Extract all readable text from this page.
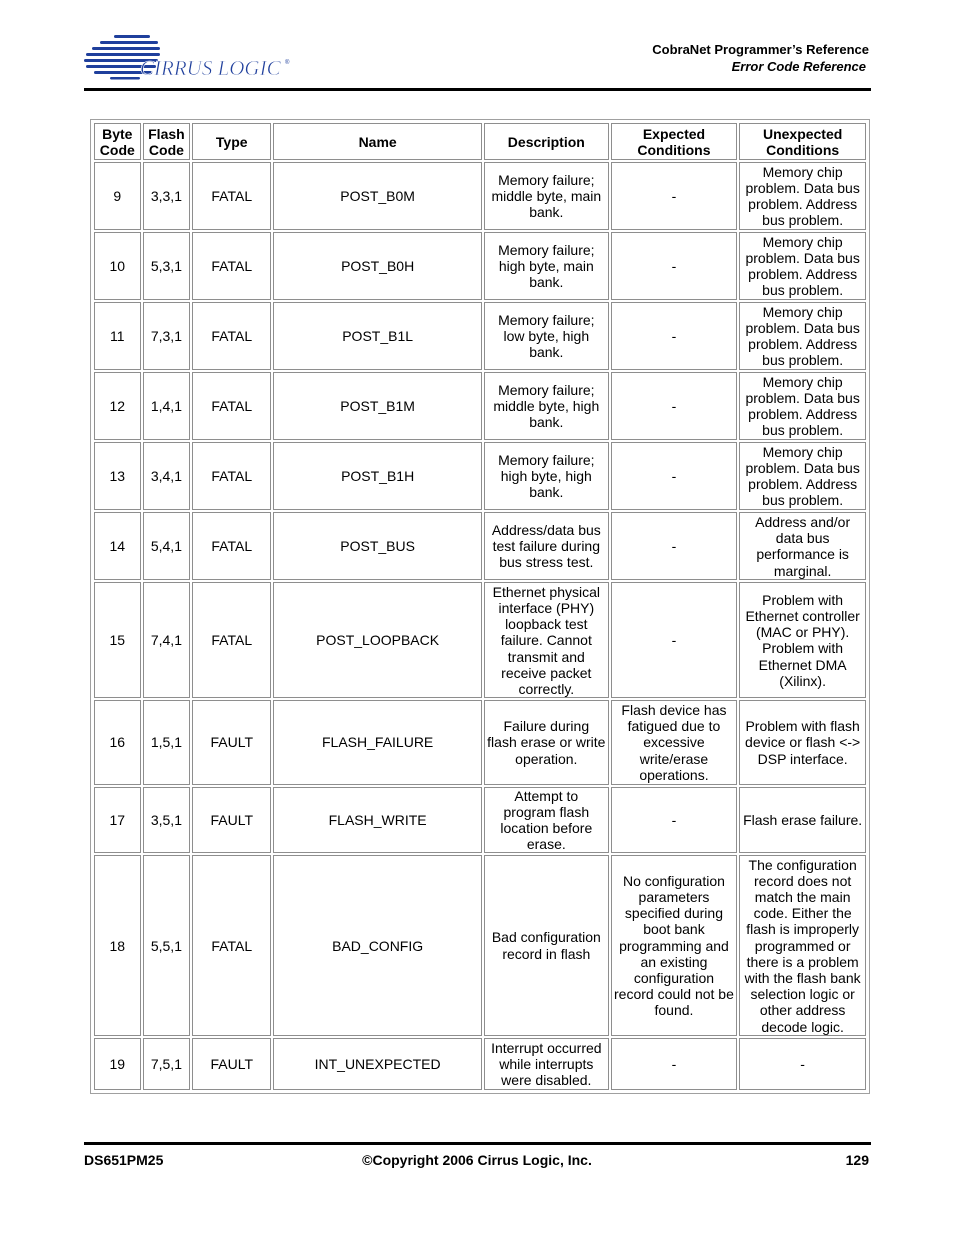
CIRRUS LOGIC ®
CobraNet Programmer’s Reference
Error Code Reference
Byte Code	Flash Code	Type	Name	Description	Expected Conditions	Unexpected Conditions
9	3,3,1	FATAL	POST_B0M	Memory failure; middle byte, main bank.	-	Memory chip problem. Data bus problem. Address bus problem.
10	5,3,1	FATAL	POST_B0H	Memory failure; high byte, main bank.	-	Memory chip problem. Data bus problem. Address bus problem.
11	7,3,1	FATAL	POST_B1L	Memory failure; low byte, high bank.	-	Memory chip problem. Data bus problem. Address bus problem.
12	1,4,1	FATAL	POST_B1M	Memory failure; middle byte, high bank.	-	Memory chip problem. Data bus problem. Address bus problem.
13	3,4,1	FATAL	POST_B1H	Memory failure; high byte, high bank.	-	Memory chip problem. Data bus problem. Address bus problem.
14	5,4,1	FATAL	POST_BUS	Address/data bus test failure during bus stress test.	-	Address and/or data bus performance is marginal.
15	7,4,1	FATAL	POST_LOOPBACK	Ethernet physical interface (PHY) loopback test failure. Cannot transmit and receive packet correctly.	-	Problem with Ethernet controller (MAC or PHY). Problem with Ethernet DMA (Xilinx).
16	1,5,1	FAULT	FLASH_FAILURE	Failure during flash erase or write operation.	Flash device has fatigued due to excessive write/erase operations.	Problem with flash device or flash <-> DSP interface.
17	3,5,1	FAULT	FLASH_WRITE	Attempt to program flash location before erase.	-	Flash erase failure.
18	5,5,1	FATAL	BAD_CONFIG	Bad configuration record in flash	No configuration parameters specified during boot bank programming and an existing configuration record could not be found.	The configuration record does not match the main code. Either the flash is improperly programmed or there is a problem with the flash bank selection logic or other address decode logic.
19	7,5,1	FAULT	INT_UNEXPECTED	Interrupt occurred while interrupts were disabled.	-	-
DS651PM25	©Copyright 2006 Cirrus Logic, Inc.	129
